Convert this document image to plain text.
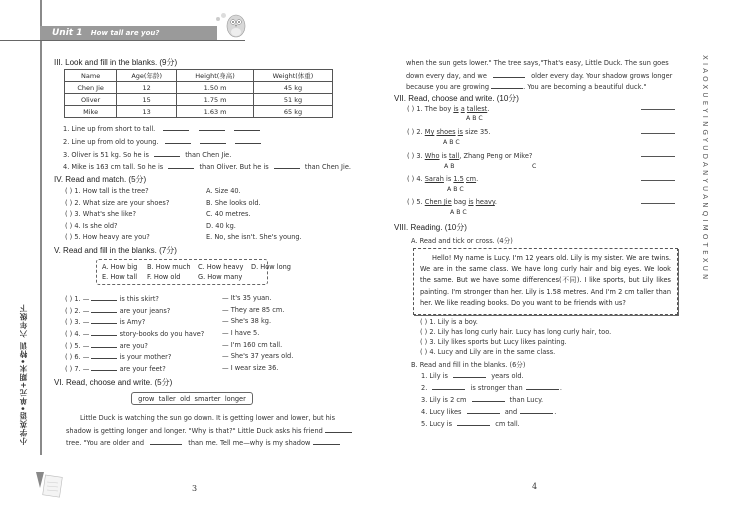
Unit 1 How tall are you?
小学英语•单元+期末•特训 六年级下
XIAOXUEYINGYUDANYUANQIMOTEXUN
3	4
III. Look and fill in the blanks. (9分)
Name	Age(年龄)	Height(身高)	Weight(体重)
Chen Jie	12	1.50 m	45 kg
Oliver	15	1.75 m	51 kg
Mike	13	1.63 m	65 kg
1. Line up from short to tall.
2. Line up from old to young.
3. Oliver is 51 kg. So he is	than Chen Jie.
4. Mike is 163 cm tall. So he is	than Oliver. But he is	than Chen Jie.
IV. Read and match. (5分)
( ) 1. How tall is the tree?	A. Size 40.
( ) 2. What size are your shoes?	B. She looks old.
( ) 3. What's she like?	C. 40 metres.
( ) 4. Is she old?	D. 40 kg.
( ) 5. How heavy are you?	E. No, she isn't. She's young.
V. Read and fill in the blanks. (7分)
A. How big B. How much C. How heavy D. How long
E. How tall F. How old	G. How many
( ) 1. —	is this skirt?	— It's 35 yuan.
( ) 2. —	are your jeans?	— They are 85 cm.
( ) 3. —	is Amy?	— She's 38 kg.
( ) 4. —	story-books do you have?	— I have 5.
( ) 5. —	are you?	— I'm 160 cm tall.
( ) 6. —	is your mother?	— She's 37 years old.
( ) 7. —	are your feet?	— I wear size 36.
VI. Read, choose and write. (5分)
grow taller old smarter longer
Little Duck is watching the sun go down. It is getting lower and lower, but his
shadow is getting longer and longer. "Why is that?" Little Duck asks his friend
tree. "You are older and	than me. Tell me—why is my shadow
when the sun gets lower." The tree says,"That's easy, Little Duck. The sun goes
down every day, and we	older every day. Your shadow grows longer
because you are growing	. You are becoming a beautiful duck."
VII. Read, choose and write. (10分)
( ) 1. The boy is a tallest.
A B C
( ) 2. My shoes is size 35.
A B C
( ) 3. Who is tall, Zhang Peng or Mike?
A B	C
( ) 4. Sarah is 1.5 cm.
A B C
( ) 5. Chen Jie bag is heavy.
A B C
VIII. Reading. (10分)
A. Read and tick or cross. (4分)
Hello! My name is Lucy. I'm 12 years old. Lily is my sister. We are twins. We are in the same class. We have long curly hair and big eyes. We look the same. But we have some differences(不同). I like sports, but Lily likes painting. I'm stronger than her. Lily is 1.58 metres. And I'm 2 cm taller than her. We like reading books. Do you want to be friends with us?
( ) 1. Lily is a boy.
( ) 2. Lily has long curly hair. Lucy has long curly hair, too.
( ) 3. Lily likes sports but Lucy likes painting.
( ) 4. Lucy and Lily are in the same class.
B. Read and fill in the blanks. (6分)
1. Lily is	years old.
2.	is stronger than	.
3. Lily is 2 cm	than Lucy.
4. Lucy likes	and	.
5. Lucy is	cm tall.
